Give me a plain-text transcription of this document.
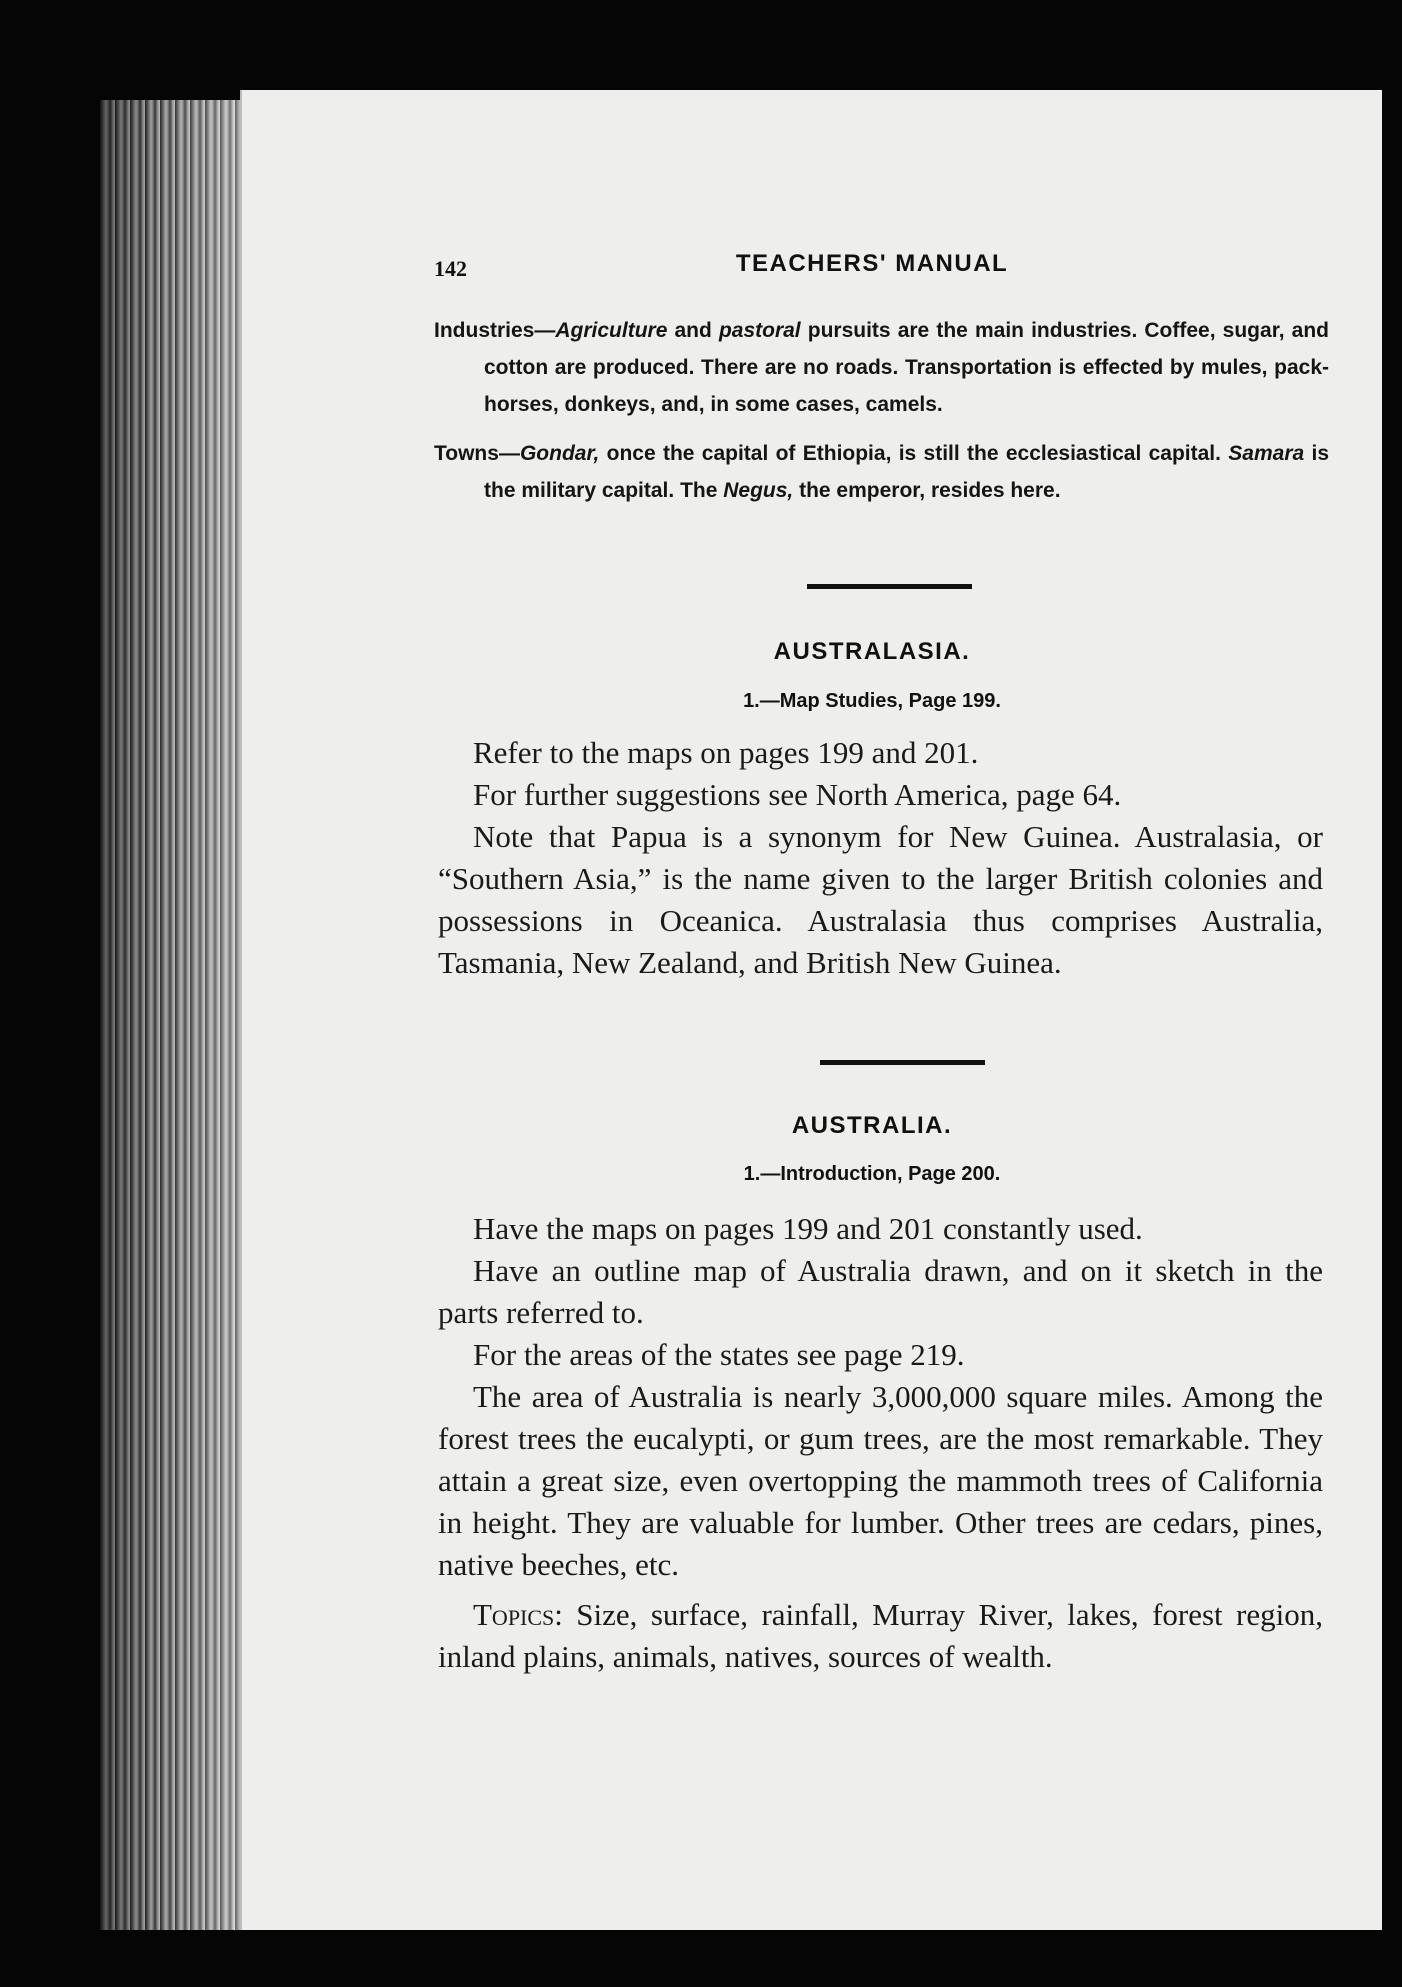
142	TEACHERS' MANUAL
Industries—Agriculture and pastoral pursuits are the main industries. Coffee, sugar, and cotton are produced. There are no roads. Transportation is effected by mules, pack-horses, donkeys, and, in some cases, camels.
Towns—Gondar, once the capital of Ethiopia, is still the ecclesiastical capital. Samara is the military capital. The Negus, the emperor, resides here.
AUSTRALASIA.
1.—Map Studies, Page 199.

Refer to the maps on pages 199 and 201.

For further suggestions see North America, page 64.

Note that Papua is a synonym for New Guinea. Australasia, or “Southern Asia,” is the name given to the larger British colonies and possessions in Oceanica. Australasia thus comprises Australia, Tasmania, New Zealand, and British New Guinea.

AUSTRALIA.
1.—Introduction, Page 200.

Have the maps on pages 199 and 201 constantly used.

Have an outline map of Australia drawn, and on it sketch in the parts referred to.

For the areas of the states see page 219.

The area of Australia is nearly 3,000,000 square miles. Among the forest trees the eucalypti, or gum trees, are the most remarkable. They attain a great size, even overtopping the mammoth trees of California in height. They are valuable for lumber. Other trees are cedars, pines, native beeches, etc.

Topics: Size, surface, rainfall, Murray River, lakes, forest region, inland plains, animals, natives, sources of wealth.
